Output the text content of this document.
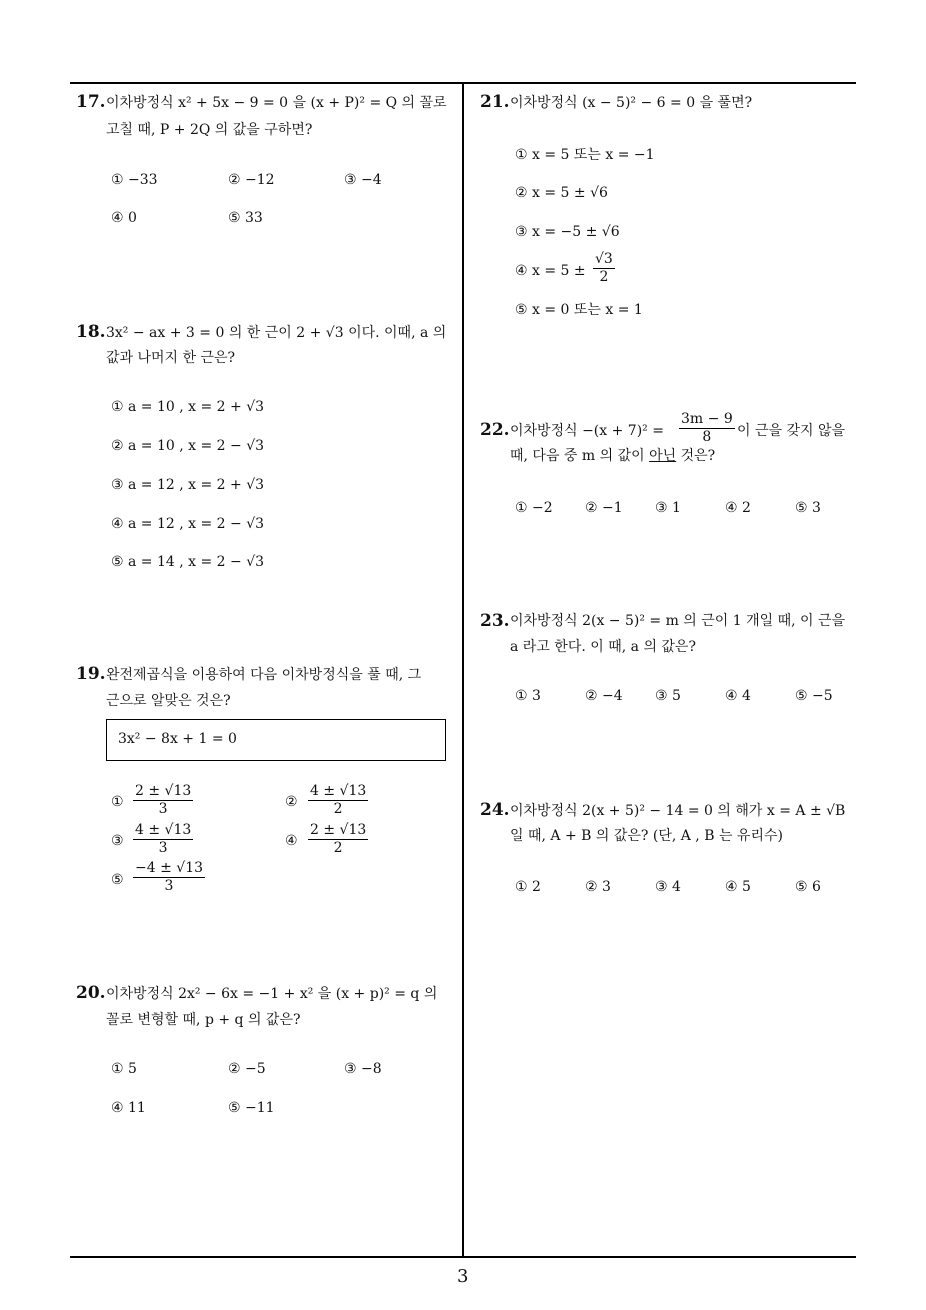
17. 이차방정식 x² + 5x − 9 = 0 을 (x + P)² = Q 의 꼴로
고칠 때, P + 2Q 의 값을 구하면?
① −33	② −12	③ −4
④ 0	⑤ 33
18. 3x² − ax + 3 = 0 의 한 근이 2 + √3 이다. 이때, a 의
값과 나머지 한 근은?
① a = 10 , x = 2 + √3
② a = 10 , x = 2 − √3
③ a = 12 , x = 2 + √3
④ a = 12 , x = 2 − √3
⑤ a = 14 , x = 2 − √3
19. 완전제곱식을 이용하여 다음 이차방정식을 풀 때, 그
근으로 알맞은 것은?
3x² − 8x + 1 = 0
① $\frac{2 \pm √13}{3}$	② $\frac{4 \pm √13}{2}$
③ $\frac{4 \pm √13}{3}$	④ $\frac{2 \pm √13}{2}$
⑤ $\frac{-4 \pm √13}{3}$
20. 이차방정식 2x² − 6x = −1 + x² 을 (x + p)² = q 의
꼴로 변형할 때, p + q 의 값은?
① 5	② −5	③ −8
④ 11	⑤ −11
21. 이차방정식 (x − 5)² − 6 = 0 을 풀면?
① x = 5 또는 x = −1
② x = 5 ± √6
③ x = −5 ± √6
④ $x = 5 \pm \frac{√3}{2}$
⑤ x = 0 또는 x = 1
22. 이차방정식 $-(x + 7)^2 = \frac{3m - 9}{8}$ 이 근을 갖지 않을
때, 다음 중 m 의 값이 아닌 것은?
① −2 ② −1 ③ 1	④ 2	⑤ 3
23. 이차방정식 2(x − 5)² = m 의 근이 1 개일 때, 이 근을
a 라고 한다. 이 때, a 의 값은?
① 3	② −4 ③ 5	④ 4	⑤ −5
24. 이차방정식 2(x + 5)² − 14 = 0 의 해가 x = A ± √B
일 때, A + B 의 값은? (단, A , B 는 유리수)
① 2	② 3	③ 4	④ 5	⑤ 6
3
